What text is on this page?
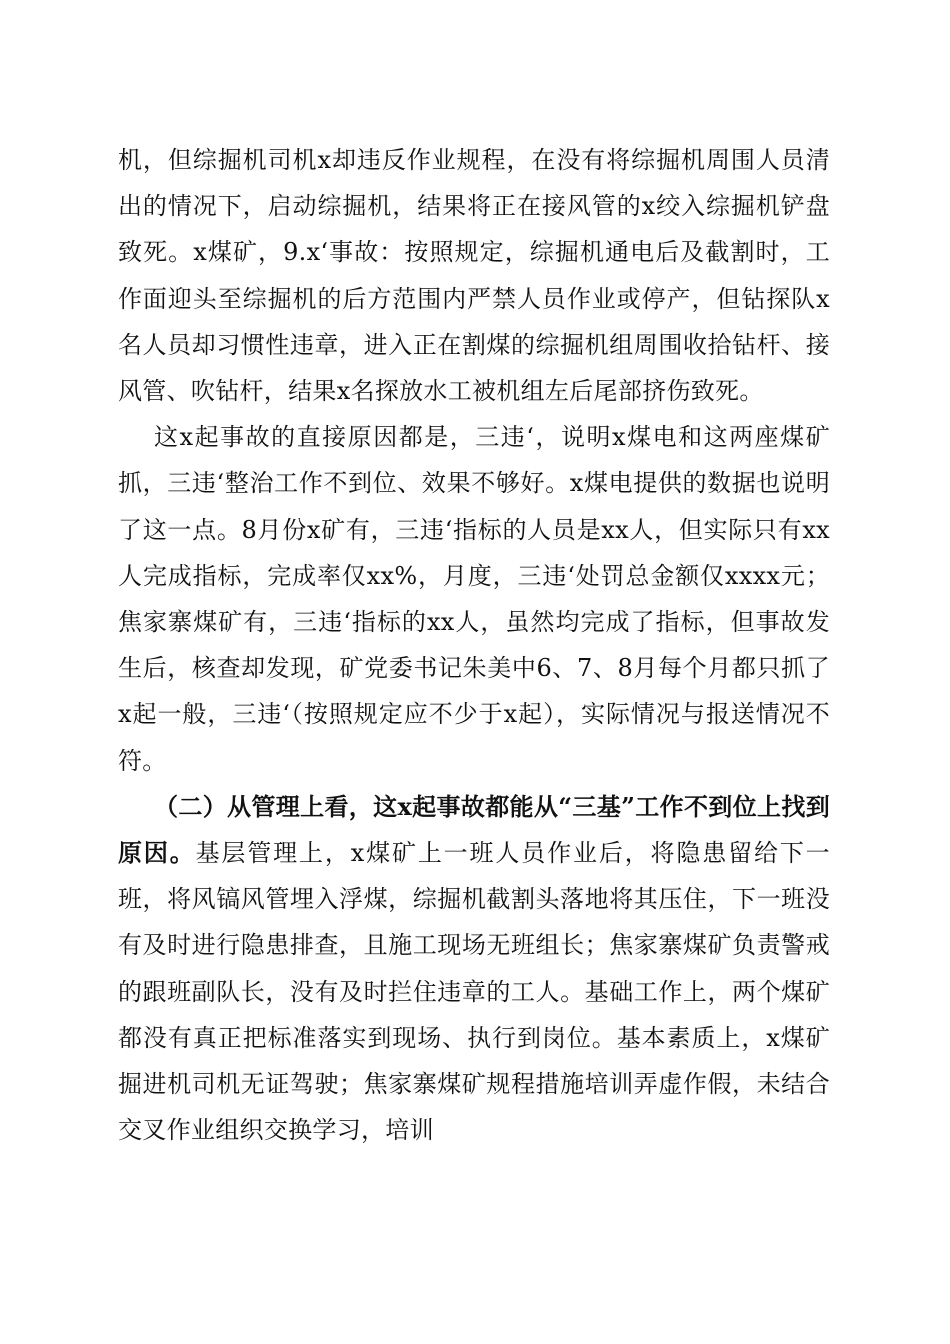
机，但综掘机司机x却违反作业规程，在没有将综掘机周围人员清出的情况下，启动综掘机，结果将正在接风管的x绞入综掘机铲盘致死。x煤矿，9.x‘事故：按照规定，综掘机通电后及截割时，工作面迎头至综掘机的后方范围内严禁人员作业或停产，但钻探队x名人员却习惯性违章，进入正在割煤的综掘机组周围收拾钻杆、接风管、吹钻杆，结果x名探放水工被机组左后尾部挤伤致死。

这x起事故的直接原因都是，三违‘，说明x煤电和这两座煤矿抓，三违‘整治工作不到位、效果不够好。x煤电提供的数据也说明了这一点。8月份x矿有，三违‘指标的人员是xx人，但实际只有xx人完成指标，完成率仅xx%，月度，三违‘处罚总金额仅xxxx元；焦家寨煤矿有，三违‘指标的xx人，虽然均完成了指标，但事故发生后，核查却发现，矿党委书记朱美中6、7、8月每个月都只抓了x起一般，三违‘（按照规定应不少于x起），实际情况与报送情况不符。

（二）从管理上看，这x起事故都能从“三基”工作不到位上找到原因。基层管理上，x煤矿上一班人员作业后，将隐患留给下一班，将风镐风管埋入浮煤，综掘机截割头落地将其压住，下一班没有及时进行隐患排查，且施工现场无班组长；焦家寨煤矿负责警戒的跟班副队长，没有及时拦住违章的工人。基础工作上，两个煤矿都没有真正把标准落实到现场、执行到岗位。基本素质上，x煤矿掘进机司机无证驾驶；焦家寨煤矿规程措施培训弄虚作假，未结合交叉作业组织交换学习，培训
